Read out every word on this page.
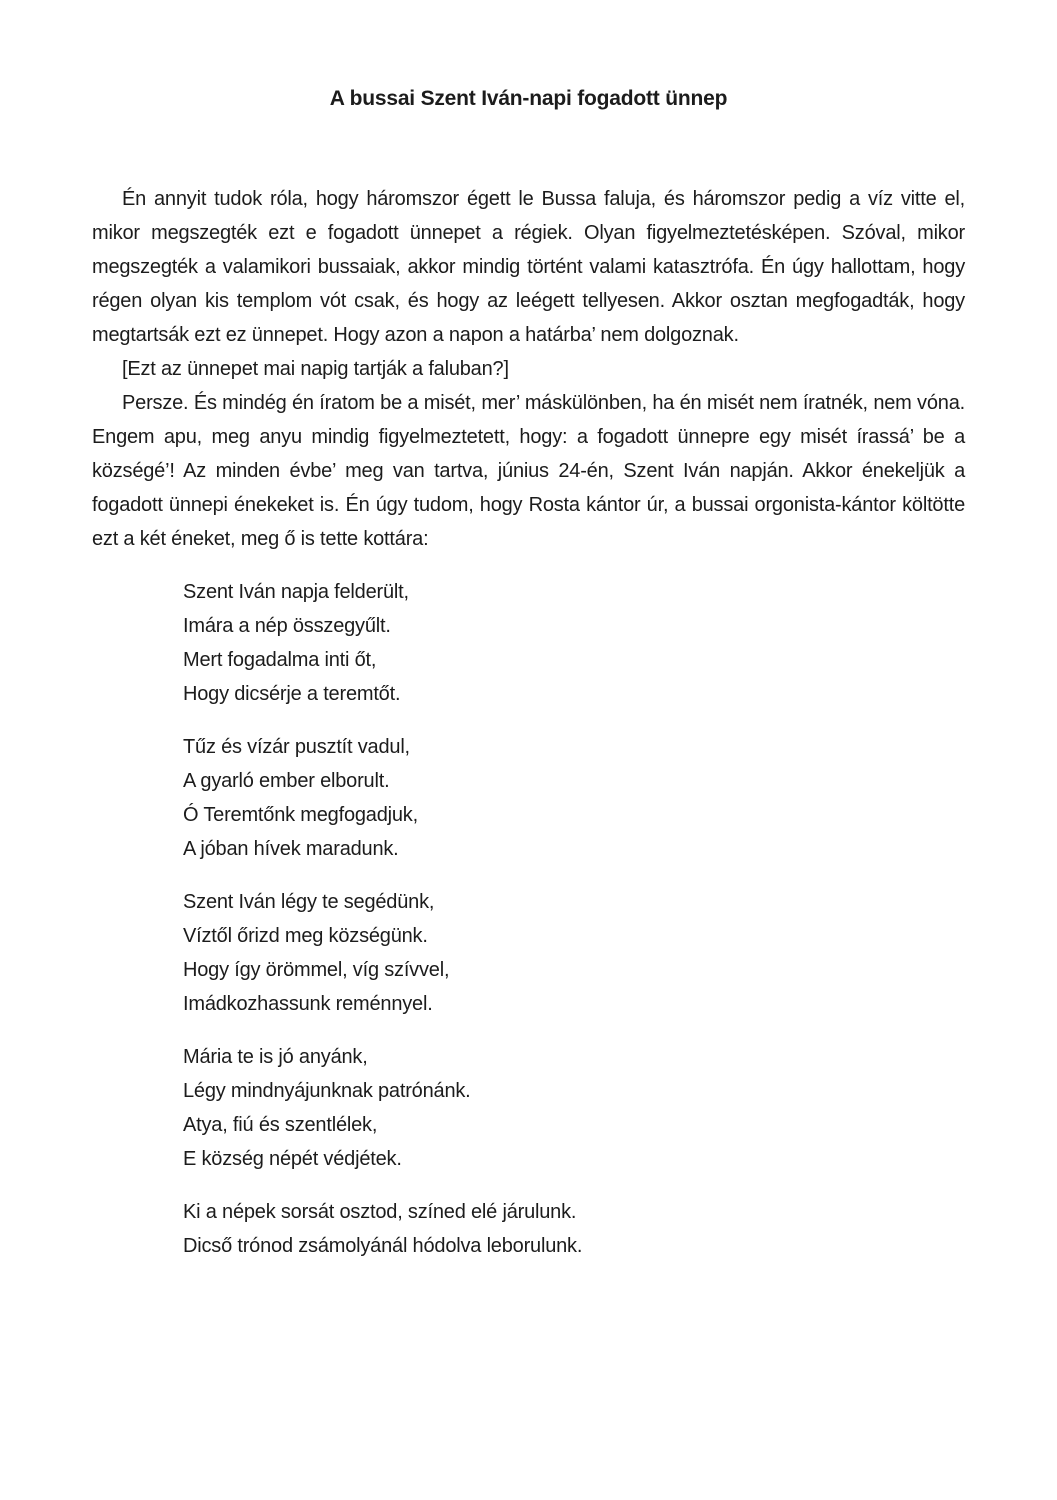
A bussai Szent Iván-napi fogadott ünnep

Én annyit tudok róla, hogy háromszor égett le Bussa faluja, és háromszor pedig a víz vitte el, mikor megszegték ezt e fogadott ünnepet a régiek. Olyan figyelmeztetésképen. Szóval, mikor megszegték a valamikori bussaiak, akkor mindig történt valami katasztrófa. Én úgy hallottam, hogy régen olyan kis templom vót csak, és hogy az leégett tellyesen. Akkor osztan megfogadták, hogy megtartsák ezt ez ünnepet. Hogy azon a napon a határba’ nem dolgoznak.

[Ezt az ünnepet mai napig tartják a faluban?]

Persze. És mindég én íratom be a misét, mer’ máskülönben, ha én misét nem íratnék, nem vóna. Engem apu, meg anyu mindig figyelmeztetett, hogy: a fogadott ünnepre egy misét írassá’ be a községé’! Az minden évbe’ meg van tartva, június 24-én, Szent Iván napján. Akkor énekeljük a fogadott ünnepi énekeket is. Én úgy tudom, hogy Rosta kántor úr, a bussai orgonista-kántor költötte ezt a két éneket, meg ő is tette kottára:

Szent Iván napja felderült,
Imára a nép összegyűlt.
Mert fogadalma inti őt,
Hogy dicsérje a teremtőt.
Tűz és vízár pusztít vadul,
A gyarló ember elborult.
Ó Teremtőnk megfogadjuk,
A jóban hívek maradunk.
Szent Iván légy te segédünk,
Víztől őrizd meg községünk.
Hogy így örömmel, víg szívvel,
Imádkozhassunk reménnyel.
Mária te is jó anyánk,
Légy mindnyájunknak patrónánk.
Atya, fiú és szentlélek,
E község népét védjétek.
Ki a népek sorsát osztod, színed elé járulunk.
Dicső trónod zsámolyánál hódolva leborulunk.
